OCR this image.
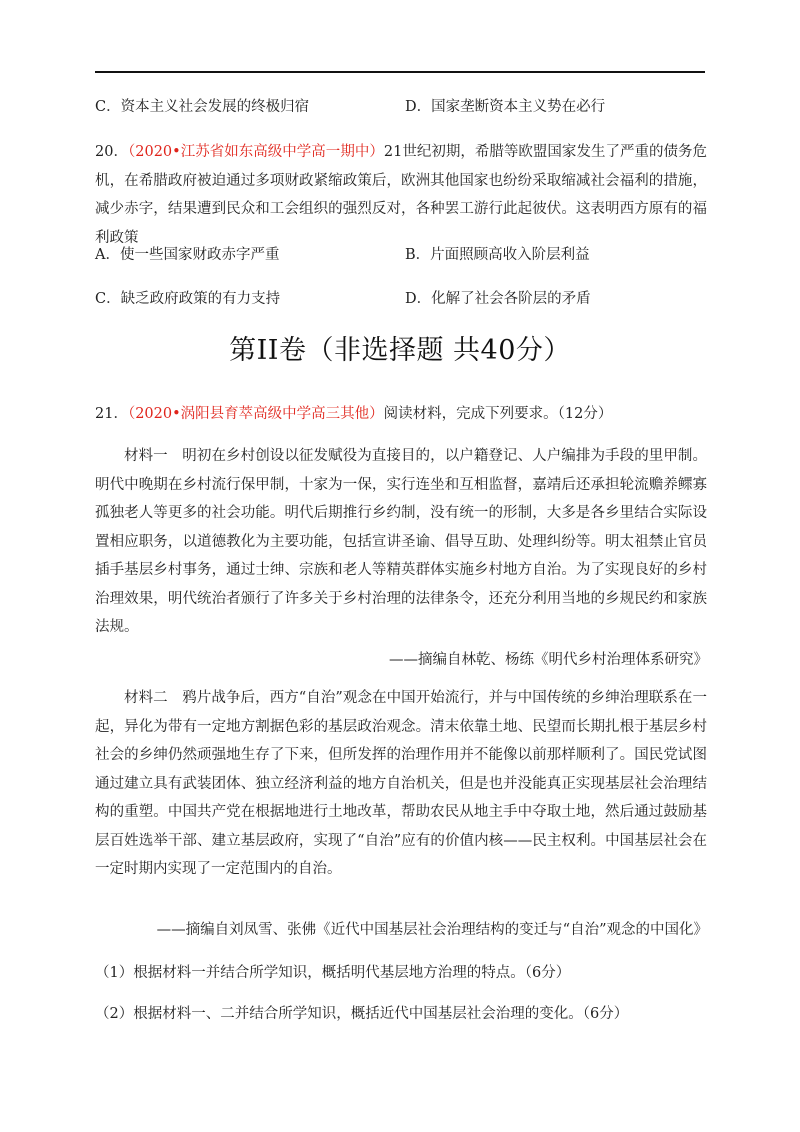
C．资本主义社会发展的终极归宿	D．国家垄断资本主义势在必行
20．（2020•江苏省如东高级中学高一期中）21世纪初期，希腊等欧盟国家发生了严重的债务危机，在希腊政府被迫通过多项财政紧缩政策后，欧洲其他国家也纷纷采取缩减社会福利的措施，减少赤字，结果遭到民众和工会组织的强烈反对，各种罢工游行此起彼伏。这表明西方原有的福利政策
A．使一些国家财政赤字严重	B．片面照顾高收入阶层利益
C．缺乏政府政策的有力支持	D．化解了社会各阶层的矛盾
第II卷（非选择题 共40分）
21．（2020•涡阳县育萃高级中学高三其他）阅读材料，完成下列要求。（12分）
材料一　明初在乡村创设以征发赋役为直接目的，以户籍登记、人户编排为手段的里甲制。明代中晚期在乡村流行保甲制，十家为一保，实行连坐和互相监督，嘉靖后还承担轮流赡养鳏寡孤独老人等更多的社会功能。明代后期推行乡约制，没有统一的形制，大多是各乡里结合实际设置相应职务，以道德教化为主要功能，包括宣讲圣谕、倡导互助、处理纠纷等。明太祖禁止官员插手基层乡村事务，通过士绅、宗族和老人等精英群体实施乡村地方自治。为了实现良好的乡村治理效果，明代统治者颁行了许多关于乡村治理的法律条令，还充分利用当地的乡规民约和家族法规。
——摘编自林乾、杨练《明代乡村治理体系研究》
材料二　鸦片战争后，西方“自治”观念在中国开始流行，并与中国传统的乡绅治理联系在一起，异化为带有一定地方割据色彩的基层政治观念。清末依靠土地、民望而长期扎根于基层乡村社会的乡绅仍然顽强地生存了下来，但所发挥的治理作用并不能像以前那样顺利了。国民党试图通过建立具有武装团体、独立经济利益的地方自治机关，但是也并没能真正实现基层社会治理结构的重塑。中国共产党在根据地进行土地改革，帮助农民从地主手中夺取土地，然后通过鼓励基层百姓选举干部、建立基层政府，实现了“自治”应有的价值内核——民主权利。中国基层社会在一定时期内实现了一定范围内的自治。
——摘编自刘凤雪、张佛《近代中国基层社会治理结构的变迁与“自治”观念的中国化》
（1）根据材料一并结合所学知识，概括明代基层地方治理的特点。（6分）
（2）根据材料一、二并结合所学知识，概括近代中国基层社会治理的变化。（6分）
